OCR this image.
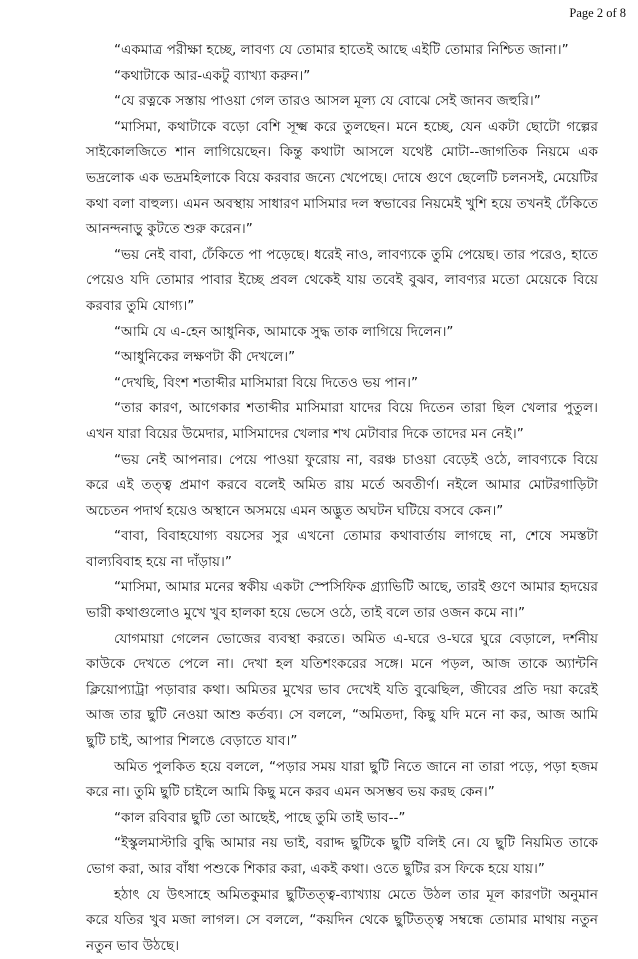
Page 2 of 8

“একমাত্র পরীক্ষা হচ্ছে, লাবণ্য যে তোমার হাতেই আছে এইটি তোমার নিশ্চিত জানা।”

“কথাটাকে আর-একটু ব্যাখ্যা করুন।”

“যে রত্নকে সস্তায় পাওয়া গেল তারও আসল মূল্য যে বোঝে সেই জানব জহুরি।”

“মাসিমা, কথাটাকে বড়ো বেশি সূক্ষ্ম করে তুলছেন। মনে হচ্ছে, যেন একটা ছোটো গল্পের সাইকোলজিতে শান লাগিয়েছেন। কিন্তু কথাটা আসলে যথেষ্ট মোটা--জাগতিক নিয়মে এক ভদ্রলোক এক ভদ্রমহিলাকে বিয়ে করবার জন্যে খেপেছে। দোষে গুণে ছেলেটি চলনসই, মেয়েটির কথা বলা বাহুল্য। এমন অবস্থায় সাধারণ মাসিমার দল স্বভাবের নিয়মেই খুশি হয়ে তখনই ঢেঁকিতে আনন্দনাড়ু কুটতে শুরু করেন।”

“ভয় নেই বাবা, ঢেঁকিতে পা পড়েছে। ধরেই নাও, লাবণ্যকে তুমি পেয়েছ। তার পরেও, হাতে পেয়েও যদি তোমার পাবার ইচ্ছে প্রবল থেকেই যায় তবেই বুঝব, লাবণ্যর মতো মেয়েকে বিয়ে করবার তুমি যোগ্য।”

“আমি যে এ-হেন আধুনিক, আমাকে সুদ্ধ তাক লাগিয়ে দিলেন।”

“আধুনিকের লক্ষণটা কী দেখলে।”

“দেখছি, বিংশ শতাব্দীর মাসিমারা বিয়ে দিতেও ভয় পান।”

“তার কারণ, আগেকার শতাব্দীর মাসিমারা যাদের বিয়ে দিতেন তারা ছিল খেলার পুতুল। এখন যারা বিয়ের উমেদার, মাসিমাদের খেলার শখ মেটাবার দিকে তাদের মন নেই।”

“ভয় নেই আপনার। পেয়ে পাওয়া ফুরোয় না, বরঞ্চ চাওয়া বেড়েই ওঠে, লাবণ্যকে বিয়ে করে এই তত্ত্ব প্রমাণ করবে বলেই অমিত রায় মর্তে অবতীর্ণ। নইলে আমার মোটরগাড়িটা অচেতন পদার্থ হয়েও অস্থানে অসময়ে এমন অদ্ভুত অঘটন ঘটিয়ে বসবে কেন।”

“বাবা, বিবাহযোগ্য বয়সের সুর এখনো তোমার কথাবার্তায় লাগছে না, শেষে সমস্তটা বাল্যবিবাহ হয়ে না দাঁড়ায়।”

“মাসিমা, আমার মনের স্বকীয় একটা স্পেসিফিক গ্র্যাভিটি আছে, তারই গুণে আমার হৃদয়ের ভারী কথাগুলোও মুখে খুব হালকা হয়ে ভেসে ওঠে, তাই বলে তার ওজন কমে না।”

যোগমায়া গেলেন ভোজের ব্যবস্থা করতে। অমিত এ-ঘরে ও-ঘরে ঘুরে বেড়ালে, দর্শনীয় কাউকে দেখতে পেলে না। দেখা হল যতিশংকরের সঙ্গে। মনে পড়ল, আজ তাকে অ্যান্টনি ক্লিয়োপ্যাট্রা পড়াবার কথা। অমিতর মুখের ভাব দেখেই যতি বুঝেছিল, জীবের প্রতি দয়া করেই আজ তার ছুটি নেওয়া আশু কর্তব্য। সে বললে, “অমিতদা, কিছু যদি মনে না কর, আজ আমি ছুটি চাই, আপার শিলঙে বেড়াতে যাব।”

অমিত পুলকিত হয়ে বললে, “পড়ার সময় যারা ছুটি নিতে জানে না তারা পড়ে, পড়া হজম করে না। তুমি ছুটি চাইলে আমি কিছু মনে করব এমন অসম্ভব ভয় করছ কেন।”

“কাল রবিবার ছুটি তো আছেই, পাছে তুমি তাই ভাব--”

“ইস্কুলমাস্টারি বুদ্ধি আমার নয় ভাই, বরাদ্দ ছুটিকে ছুটি বলিই নে। যে ছুটি নিয়মিত তাকে ভোগ করা, আর বাঁধা পশুকে শিকার করা, একই কথা। ওতে ছুটির রস ফিকে হয়ে যায়।”

হঠাৎ যে উৎসাহে অমিতকুমার ছুটিতত্ত্ব-ব্যাখ্যায় মেতে উঠল তার মূল কারণটা অনুমান করে যতির খুব মজা লাগল। সে বললে, “কয়দিন থেকে ছুটিতত্ত্ব সম্বন্ধে তোমার মাথায় নতুন নতুন ভাব উঠছে।
